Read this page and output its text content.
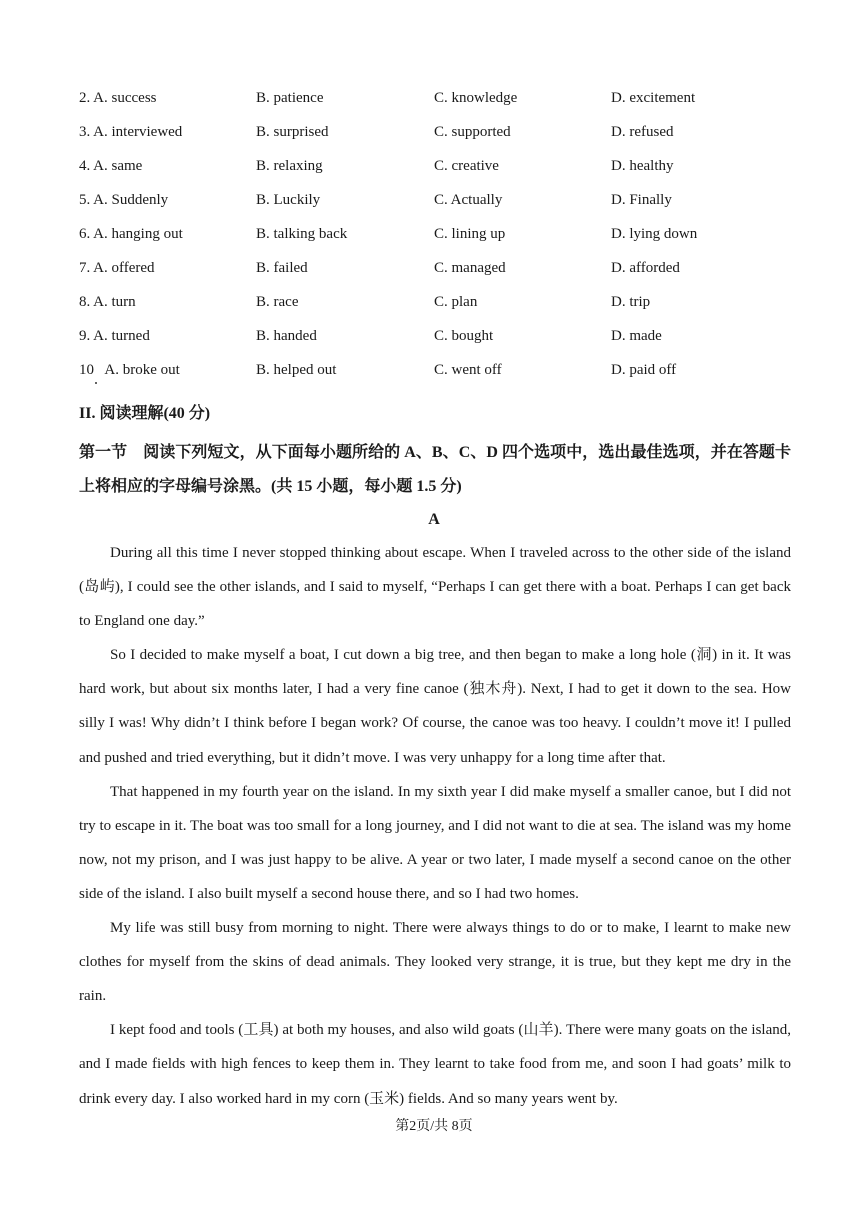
2. A. success	B. patience	C. knowledge	D. excitement
3. A. interviewed	B. surprised	C. supported	D. refused
4. A. same	B. relaxing	C. creative	D. healthy
5. A. Suddenly	B. Luckily	C. Actually	D. Finally
6. A. hanging out	B. talking back	C. lining up	D. lying down
7. A. offered	B. failed	C. managed	D. afforded
8. A. turn	B. race	C. plan	D. trip
9. A. turned	B. handed	C. bought	D. made
10   A. broke out	B. helped out	C. went off	D. paid off
II. 阅读理解(40 分)
第一节　阅读下列短文，从下面每小题所给的 A、B、C、D 四个选项中，选出最佳选项，并在答题卡上将相应的字母编号涂黑。(共 15 小题，每小题 1.5 分)
A

During all this time I never stopped thinking about escape. When I traveled across to the other side of the island (岛屿), I could see the other islands, and I said to myself, “Perhaps I can get there with a boat. Perhaps I can get back to England one day.”

So I decided to make myself a boat, I cut down a big tree, and then began to make a long hole (洞) in it. It was hard work, but about six months later, I had a very fine canoe (独木舟). Next, I had to get it down to the sea. How silly I was! Why didn’t I think before I began work? Of course, the canoe was too heavy. I couldn’t move it! I pulled and pushed and tried everything, but it didn’t move. I was very unhappy for a long time after that.

That happened in my fourth year on the island. In my sixth year I did make myself a smaller canoe, but I did not try to escape in it. The boat was too small for a long journey, and I did not want to die at sea. The island was my home now, not my prison, and I was just happy to be alive. A year or two later, I made myself a second canoe on the other side of the island. I also built myself a second house there, and so I had two homes.

My life was still busy from morning to night. There were always things to do or to make, I learnt to make new clothes for myself from the skins of dead animals. They looked very strange, it is true, but they kept me dry in the rain.

I kept food and tools (工具) at both my houses, and also wild goats (山羊). There were many goats on the island, and I made fields with high fences to keep them in. They learnt to take food from me, and soon I had goats’ milk to drink every day. I also worked hard in my corn (玉米) fields. And so many years went by.

第2页/共 8页
